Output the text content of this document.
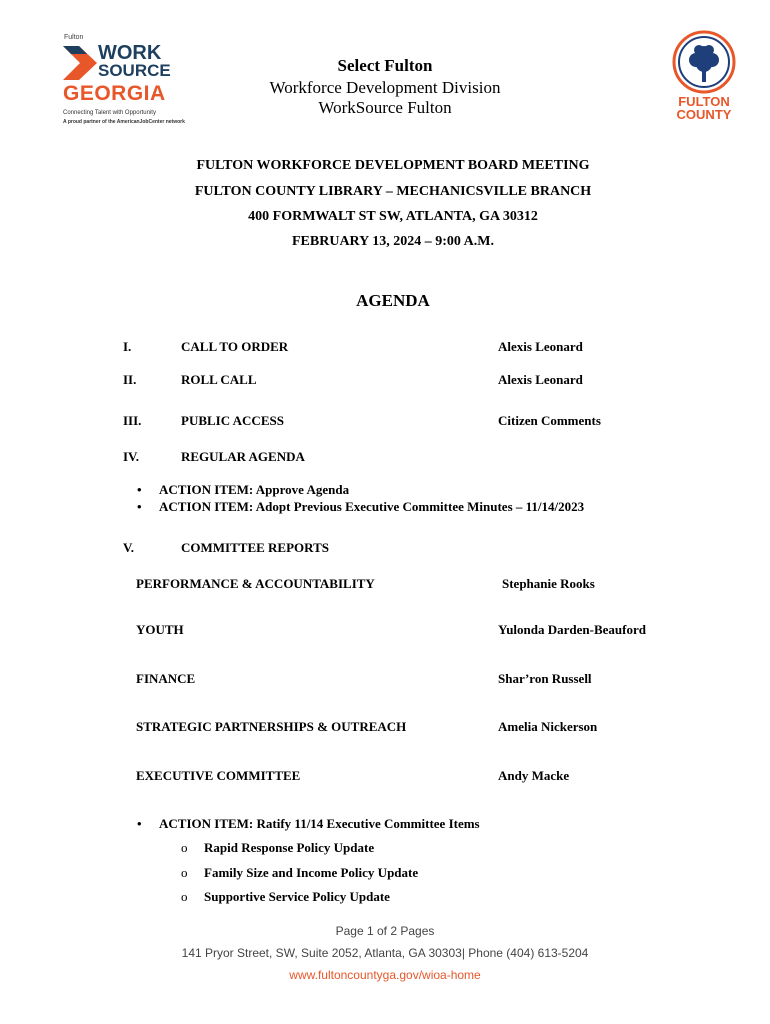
Fulton
WORK
SOURCE
GEORGIA
Connecting Talent with Opportunity
A proud partner of the AmericanJobCenter network
Select Fulton
Workforce Development Division
WorkSource Fulton	FULTON
COUNTY
FULTON WORKFORCE DEVELOPMENT BOARD MEETING
FULTON COUNTY LIBRARY – MECHANICSVILLE BRANCH
400 FORMWALT ST SW, ATLANTA, GA 30312
FEBRUARY 13, 2024 – 9:00 A.M.
AGENDA
I.	CALL TO ORDER	Alexis Leonard
II.	ROLL CALL	Alexis Leonard
III.	PUBLIC ACCESS	Citizen Comments
IV.	REGULAR AGENDA
• ACTION ITEM: Approve Agenda
• ACTION ITEM: Adopt Previous Executive Committee Minutes – 11/14/2023
V.	COMMITTEE REPORTS
PERFORMANCE & ACCOUNTABILITY	Stephanie Rooks
YOUTH	Yulonda Darden-Beauford
FINANCE	Shar’ron Russell
STRATEGIC PARTNERSHIPS & OUTREACH	Amelia Nickerson
EXECUTIVE COMMITTEE	Andy Macke
• ACTION ITEM: Ratify 11/14 Executive Committee Items
o Rapid Response Policy Update
o Family Size and Income Policy Update
o Supportive Service Policy Update
Page 1 of 2 Pages
141 Pryor Street, SW, Suite 2052, Atlanta, GA 30303| Phone (404) 613-5204
www.fultoncountyga.gov/wioa-home
